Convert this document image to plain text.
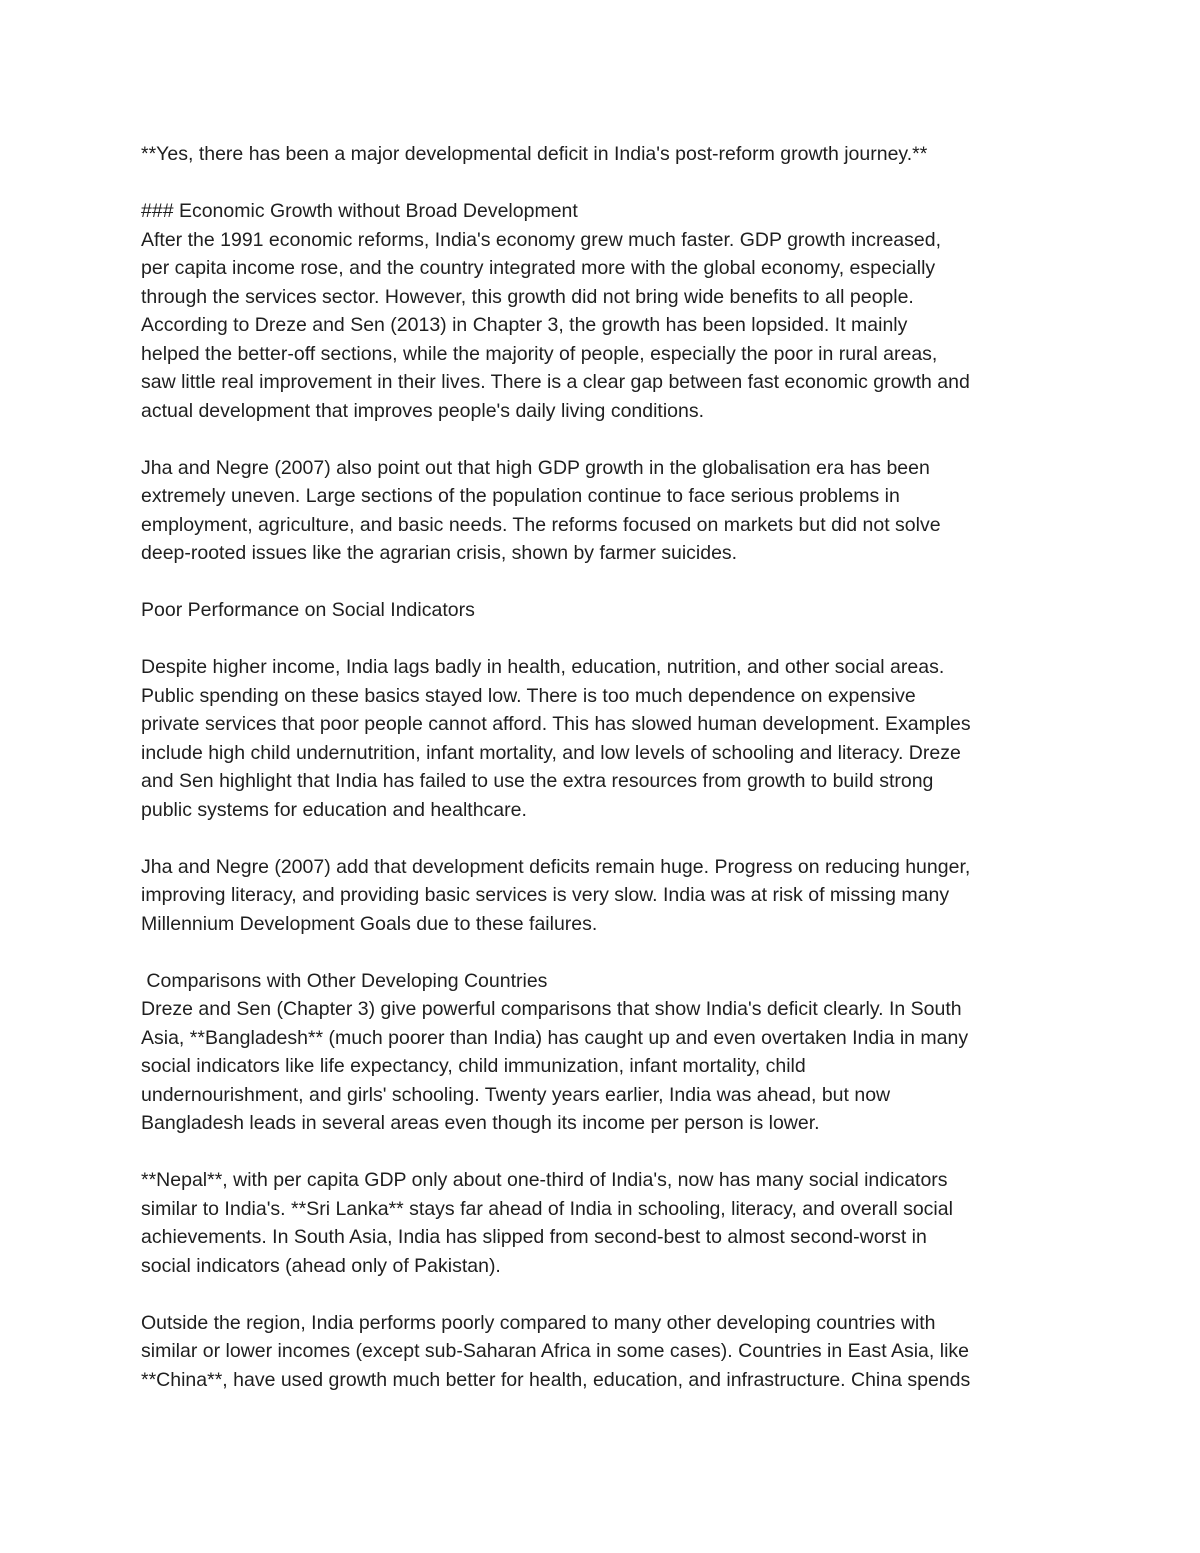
**Yes, there has been a major developmental deficit in India's post-reform growth journey.**
### Economic Growth without Broad Development
After the 1991 economic reforms, India's economy grew much faster. GDP growth increased,
per capita income rose, and the country integrated more with the global economy, especially
through the services sector. However, this growth did not bring wide benefits to all people.
According to Dreze and Sen (2013) in Chapter 3, the growth has been lopsided. It mainly
helped the better-off sections, while the majority of people, especially the poor in rural areas,
saw little real improvement in their lives. There is a clear gap between fast economic growth and
actual development that improves people's daily living conditions.
Jha and Negre (2007) also point out that high GDP growth in the globalisation era has been
extremely uneven. Large sections of the population continue to face serious problems in
employment, agriculture, and basic needs. The reforms focused on markets but did not solve
deep-rooted issues like the agrarian crisis, shown by farmer suicides.
Poor Performance on Social Indicators
Despite higher income, India lags badly in health, education, nutrition, and other social areas.
Public spending on these basics stayed low. There is too much dependence on expensive
private services that poor people cannot afford. This has slowed human development. Examples
include high child undernutrition, infant mortality, and low levels of schooling and literacy. Dreze
and Sen highlight that India has failed to use the extra resources from growth to build strong
public systems for education and healthcare.
Jha and Negre (2007) add that development deficits remain huge. Progress on reducing hunger,
improving literacy, and providing basic services is very slow. India was at risk of missing many
Millennium Development Goals due to these failures.
Comparisons with Other Developing Countries
Dreze and Sen (Chapter 3) give powerful comparisons that show India's deficit clearly. In South
Asia, **Bangladesh** (much poorer than India) has caught up and even overtaken India in many
social indicators like life expectancy, child immunization, infant mortality, child
undernourishment, and girls' schooling. Twenty years earlier, India was ahead, but now
Bangladesh leads in several areas even though its income per person is lower.
**Nepal**, with per capita GDP only about one-third of India's, now has many social indicators
similar to India's. **Sri Lanka** stays far ahead of India in schooling, literacy, and overall social
achievements. In South Asia, India has slipped from second-best to almost second-worst in
social indicators (ahead only of Pakistan).
Outside the region, India performs poorly compared to many other developing countries with
similar or lower incomes (except sub-Saharan Africa in some cases). Countries in East Asia, like
**China**, have used growth much better for health, education, and infrastructure. China spends
